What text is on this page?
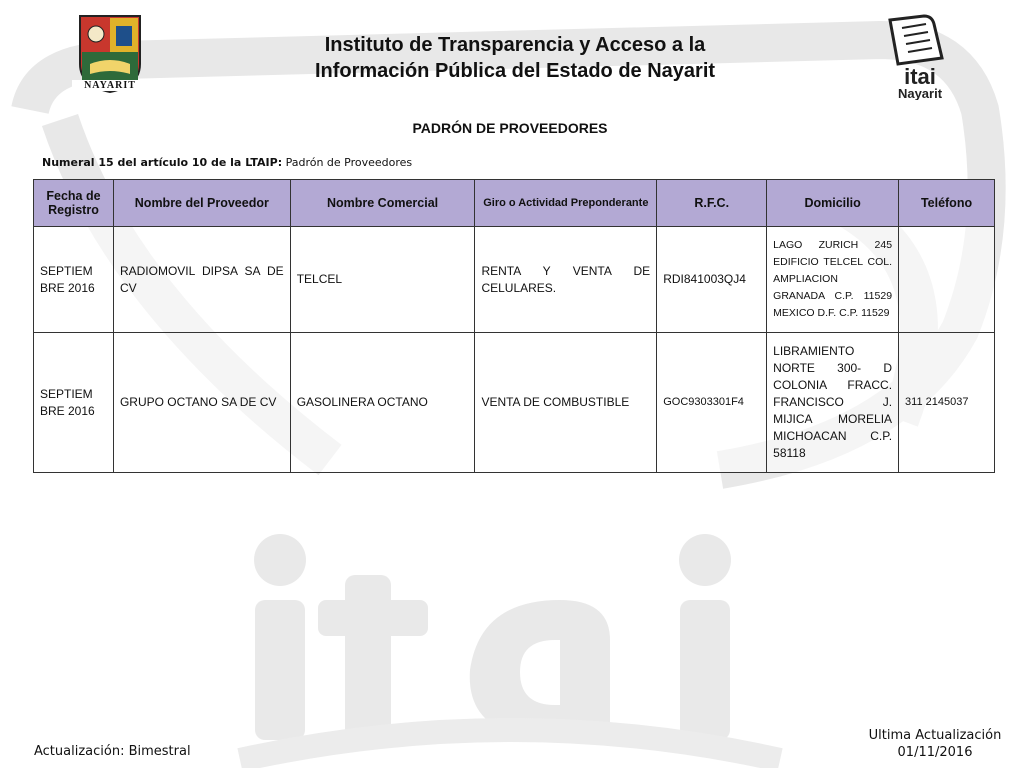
NAYARIT
Instituto de Transparencia y Acceso a la
Información Pública del Estado de Nayarit	itai
Nayarit
PADRÓN DE PROVEEDORES
Numeral 15 del artículo 10 de la LTAIP: Padrón de Proveedores
Fecha de Registro	Nombre del Proveedor	Nombre Comercial	Giro o Actividad Preponderante	R.F.C.	Domicilio	Teléfono
SEPTIEM BRE 2016	RADIOMOVIL DIPSA SA DE CV	TELCEL	RENTA Y VENTA DE CELULARES.	RDI841003QJ4	LAGO ZURICH 245 EDIFICIO TELCEL COL. AMPLIACION GRANADA C.P. 11529 MEXICO D.F. C.P. 11529	
SEPTIEM BRE 2016	GRUPO OCTANO SA DE CV	GASOLINERA OCTANO	VENTA DE COMBUSTIBLE	GOC9303301F4	LIBRAMIENTO NORTE 300- D COLONIA FRACC. FRANCISCO J. MIJICA MORELIA MICHOACAN C.P. 58118	311 2145037
Actualización: Bimestral
Ultima Actualización
01/11/2016
